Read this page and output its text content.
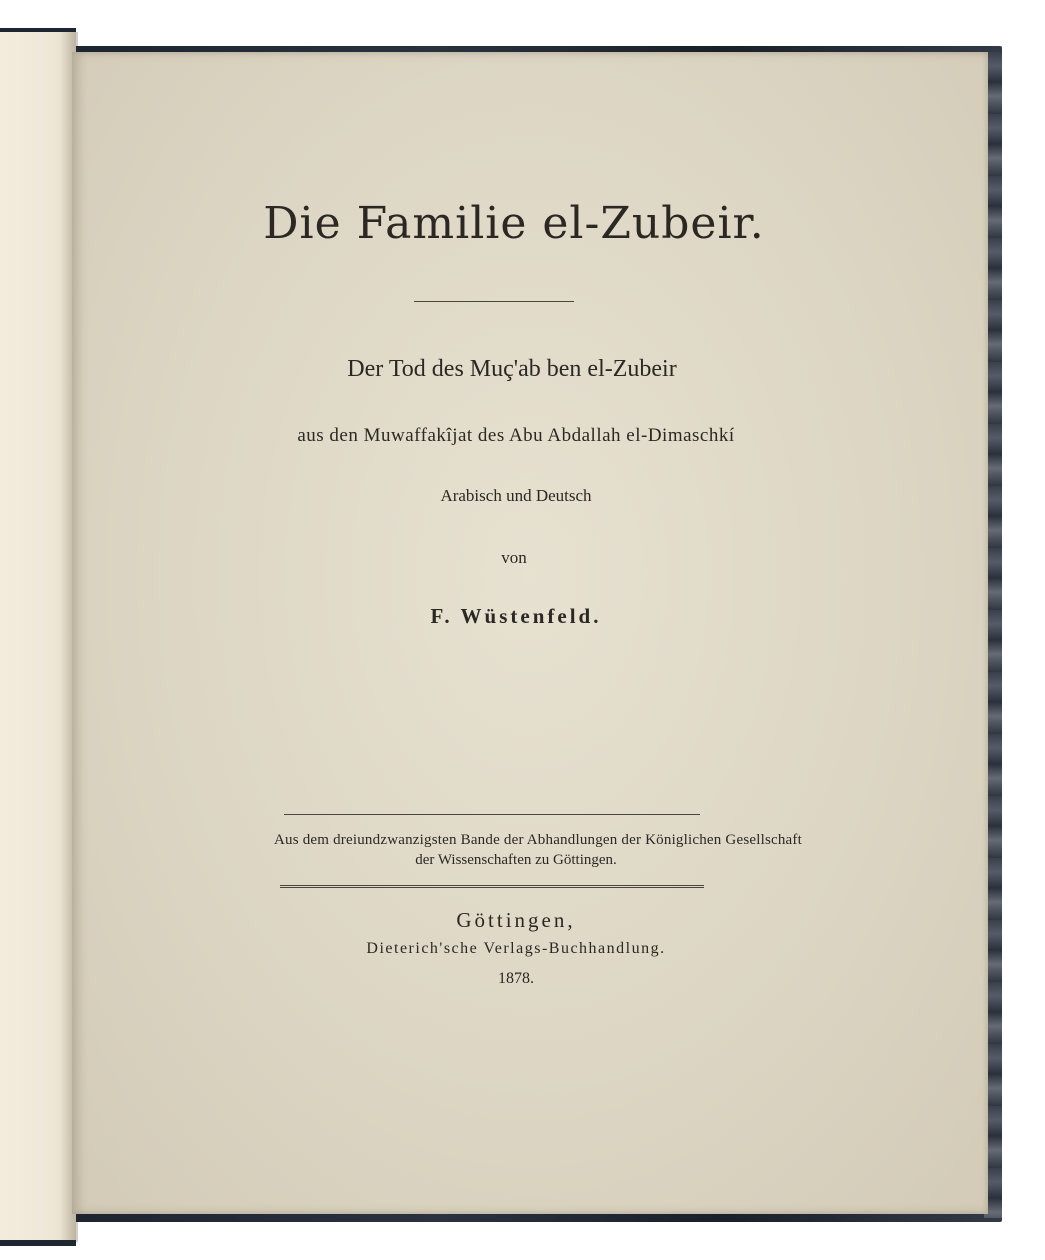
Die Familie el-Zubeir.
Der Tod des Muç'ab ben el-Zubeir
aus den Muwaffakîjat des Abu Abdallah el-Dimaschkí
Arabisch und Deutsch
von
F. Wüstenfeld.
Aus dem dreiundzwanzigsten Bande der Abhandlungen der Königlichen Gesellschaft
der Wissenschaften zu Göttingen.
Göttingen,
Dieterich'sche Verlags-Buchhandlung.
1878.
